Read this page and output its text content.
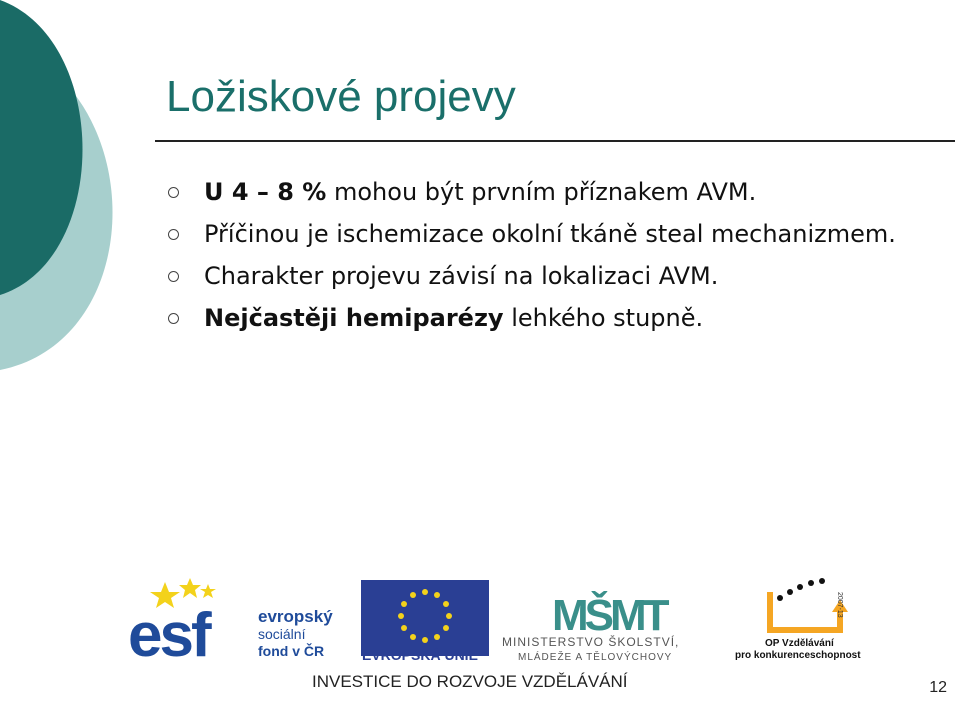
Ložiskové projevy
U 4 – 8 % mohou být prvním příznakem AVM.
Příčinou je ischemizace okolní tkáně steal mechanizmem.
Charakter projevu závisí na lokalizaci AVM.
Nejčastěji hemiparézy lehkého stupně.
esf	evropský
sociální
fond v ČR	EVROPSKÁ UNIE
MŠMT
MINISTERSTVO ŠKOLSTVÍ,
MLÁDEŽE A TĚLOVÝCHOVY
2007-13
OP Vzdělávání
pro konkurenceschopnost
INVESTICE DO ROZVOJE VZDĚLÁVÁNÍ	12
